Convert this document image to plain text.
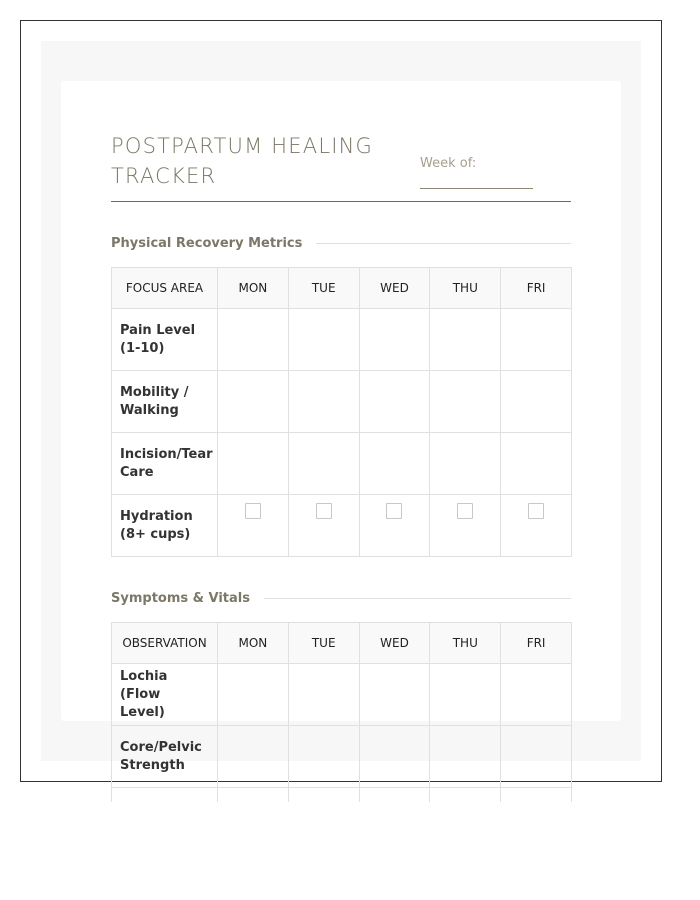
POSTPARTUM HEALING
TRACKER
Week of:
Physical Recovery Metrics
FOCUS AREA	MON	TUE	WED	THU	FRI
Pain Level (1-10)					
Mobility / Walking					
Incision/Tear Care					
Hydration (8+ cups)					
Symptoms & Vitals
OBSERVATION	MON	TUE	WED	THU	FRI
Lochia (Flow Level)					
Core/Pelvic Strength					
